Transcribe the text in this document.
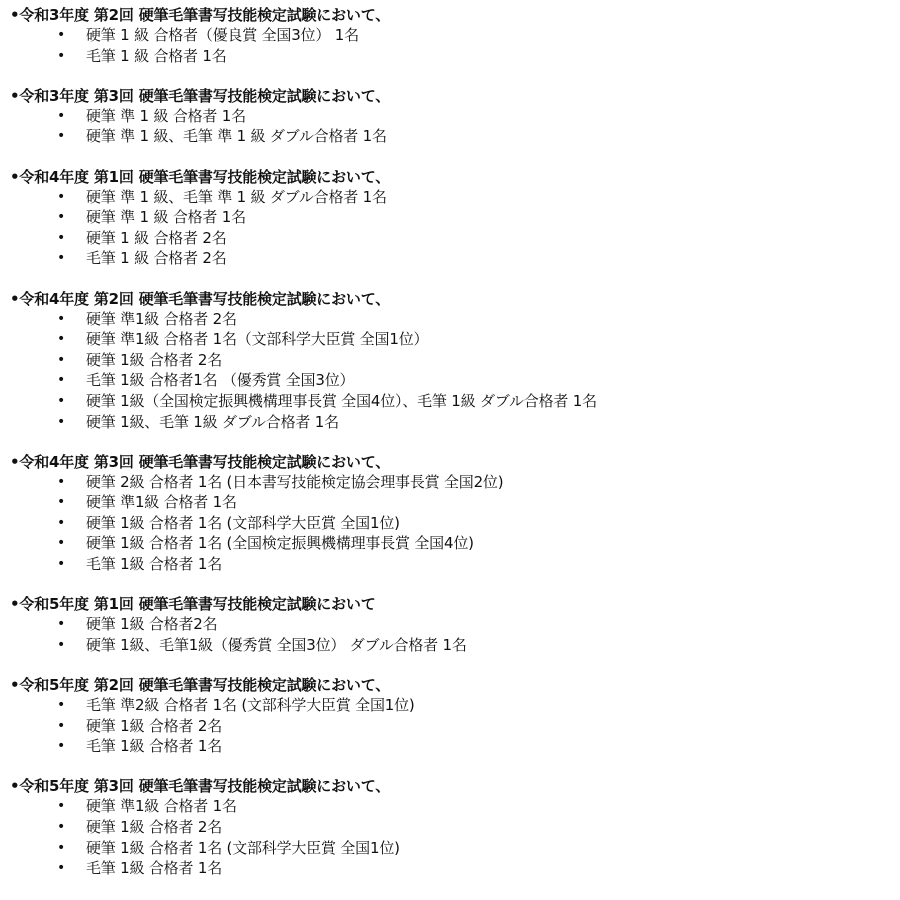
•令和3年度 第2回 硬筆毛筆書写技能検定試験において、
• 硬筆 1 級 合格者（優良賞 全国3位） 1名
• 毛筆 1 級 合格者 1名
•令和3年度 第3回 硬筆毛筆書写技能検定試験において、
• 硬筆 準 1 級 合格者 1名
• 硬筆 準 1 級、毛筆 準 1 級 ダブル合格者 1名
•令和4年度 第1回 硬筆毛筆書写技能検定試験において、
• 硬筆 準 1 級、毛筆 準 1 級 ダブル合格者 1名
• 硬筆 準 1 級 合格者 1名
• 硬筆 1 級 合格者 2名
• 毛筆 1 級 合格者 2名
•令和4年度 第2回 硬筆毛筆書写技能検定試験において、
• 硬筆 準1級 合格者 2名
• 硬筆 準1級 合格者 1名（文部科学大臣賞 全国1位）
• 硬筆 1級 合格者 2名
• 毛筆 1級 合格者1名 （優秀賞 全国3位）
• 硬筆 1級（全国検定振興機構理事長賞 全国4位）、毛筆 1級 ダブル合格者 1名
• 硬筆 1級、毛筆 1級 ダブル合格者 1名
•令和4年度 第3回 硬筆毛筆書写技能検定試験において、
• 硬筆 2級 合格者 1名 (日本書写技能検定協会理事長賞 全国2位)
• 硬筆 準1級 合格者 1名
• 硬筆 1級 合格者 1名 (文部科学大臣賞 全国1位)
• 硬筆 1級 合格者 1名 (全国検定振興機構理事長賞 全国4位)
• 毛筆 1級 合格者 1名
•令和5年度 第1回 硬筆毛筆書写技能検定試験において
• 硬筆 1級 合格者2名
• 硬筆 1級、毛筆1級（優秀賞 全国3位） ダブル合格者 1名
•令和5年度 第2回 硬筆毛筆書写技能検定試験において、
• 毛筆 準2級 合格者 1名 (文部科学大臣賞 全国1位)
• 硬筆 1級 合格者 2名
• 毛筆 1級 合格者 1名
•令和5年度 第3回 硬筆毛筆書写技能検定試験において、
• 硬筆 準1級 合格者 1名
• 硬筆 1級 合格者 2名
• 硬筆 1級 合格者 1名 (文部科学大臣賞 全国1位)
• 毛筆 1級 合格者 1名
